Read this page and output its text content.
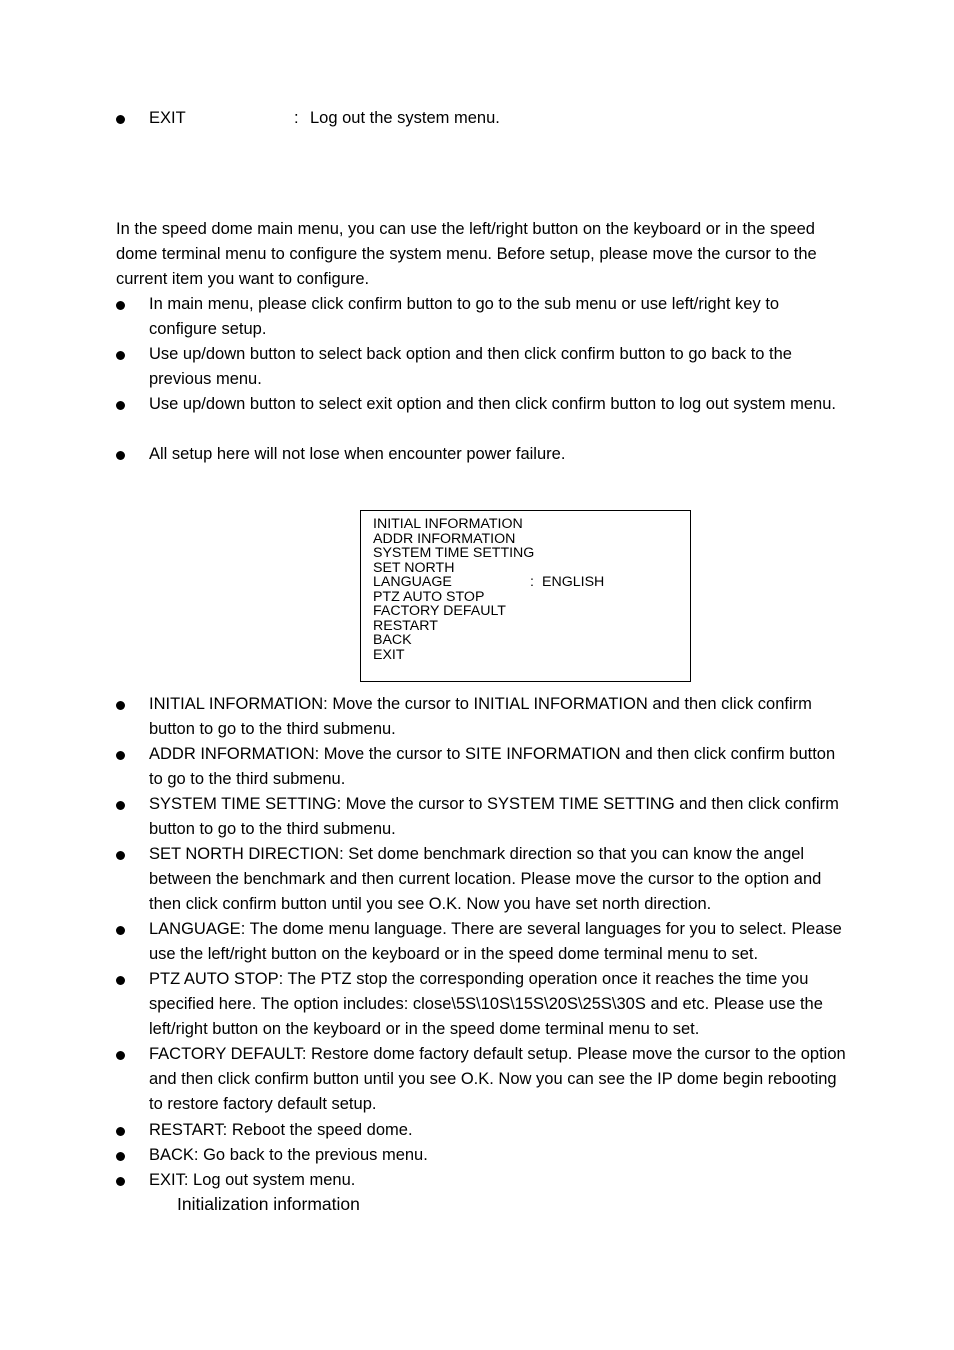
EXIT	: Log out the system menu.
In the speed dome main menu, you can use the left/right button on the keyboard or in the speed dome terminal menu to configure the system menu. Before setup, please move the cursor to the current item you want to configure.
In main menu, please click confirm button to go to the sub menu or use left/right key to configure setup.
Use up/down button to select back option and then click confirm button to go back to the previous menu.
Use up/down button to select exit option and then click confirm button to log out system menu.
All setup here will not lose when encounter power failure.
INITIAL INFORMATION
ADDR INFORMATION
SYSTEM TIME SETTING
SET NORTH
LANGUAGE	: ENGLISH
PTZ AUTO STOP
FACTORY DEFAULT
RESTART
BACK
EXIT
INITIAL INFORMATION: Move the cursor to INITIAL INFORMATION and then click confirm button to go to the third submenu.
ADDR INFORMATION: Move the cursor to SITE INFORMATION and then click confirm button to go to the third submenu.
SYSTEM TIME SETTING: Move the cursor to SYSTEM TIME SETTING and then click confirm button to go to the third submenu.
SET NORTH DIRECTION: Set dome benchmark direction so that you can know the angel between the benchmark and then current location. Please move the cursor to the option and then click confirm button until you see O.K. Now you have set north direction.
LANGUAGE: The dome menu language. There are several languages for you to select. Please use the left/right button on the keyboard or in the speed dome terminal menu to set.
PTZ AUTO STOP: The PTZ stop the corresponding operation once it reaches the time you specified here. The option includes: close\5S\10S\15S\20S\25S\30S and etc. Please use the left/right button on the keyboard or in the speed dome terminal menu to set.
FACTORY DEFAULT: Restore dome factory default setup. Please move the cursor to the option and then click confirm button until you see O.K. Now you can see the IP dome begin rebooting to restore factory default setup.
RESTART: Reboot the speed dome.
BACK: Go back to the previous menu.
EXIT: Log out system menu.
Initialization information
